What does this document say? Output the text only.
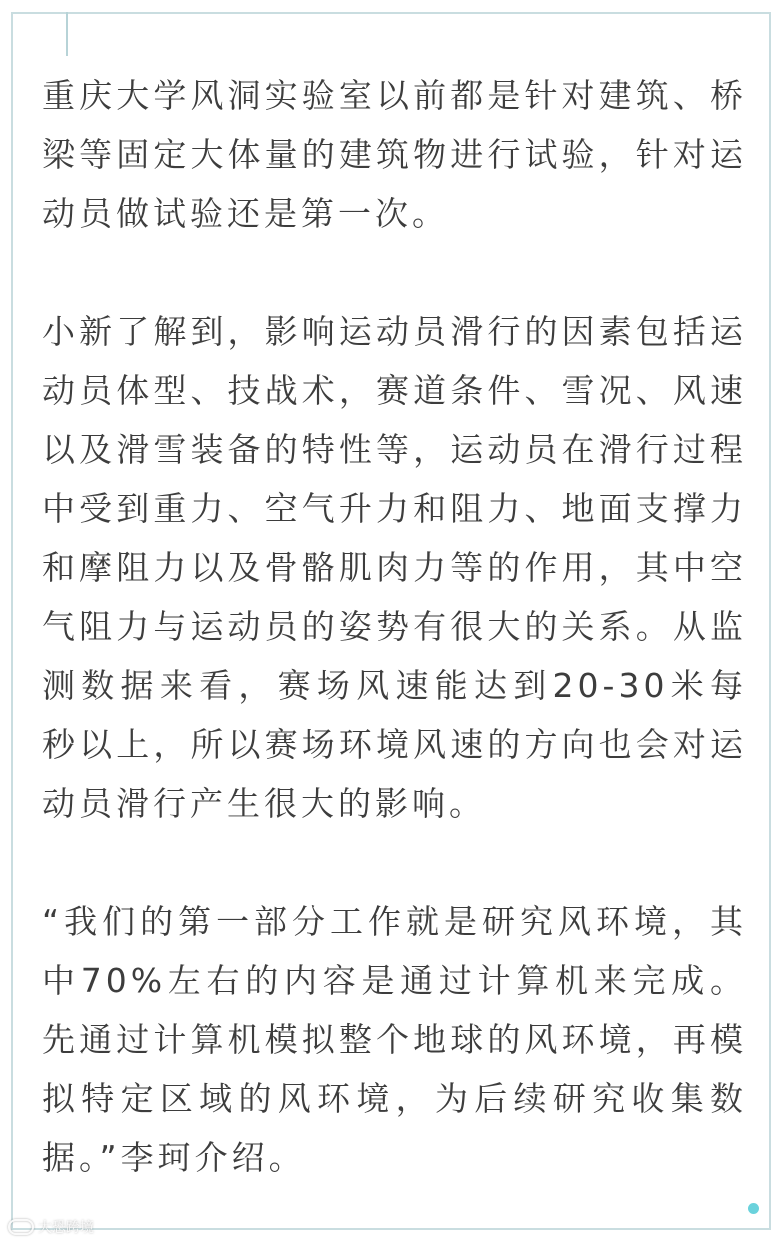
重庆大学风洞实验室以前都是针对建筑、桥梁等固定大体量的建筑物进行试验，针对运动员做试验还是第一次。

小新了解到，影响运动员滑行的因素包括运动员体型、技战术，赛道条件、雪况、风速以及滑雪装备的特性等，运动员在滑行过程中受到重力、空气升力和阻力、地面支撑力和摩阻力以及骨骼肌肉力等的作用，其中空气阻力与运动员的姿势有很大的关系。从监测数据来看，赛场风速能达到20-30米每秒以上，所以赛场环境风速的方向也会对运动员滑行产生很大的影响。

“我们的第一部分工作就是研究风环境，其中70%左右的内容是通过计算机来完成。先通过计算机模拟整个地球的风环境，再模拟特定区域的风环境，为后续研究收集数据。”李珂介绍。

大恐跨境
